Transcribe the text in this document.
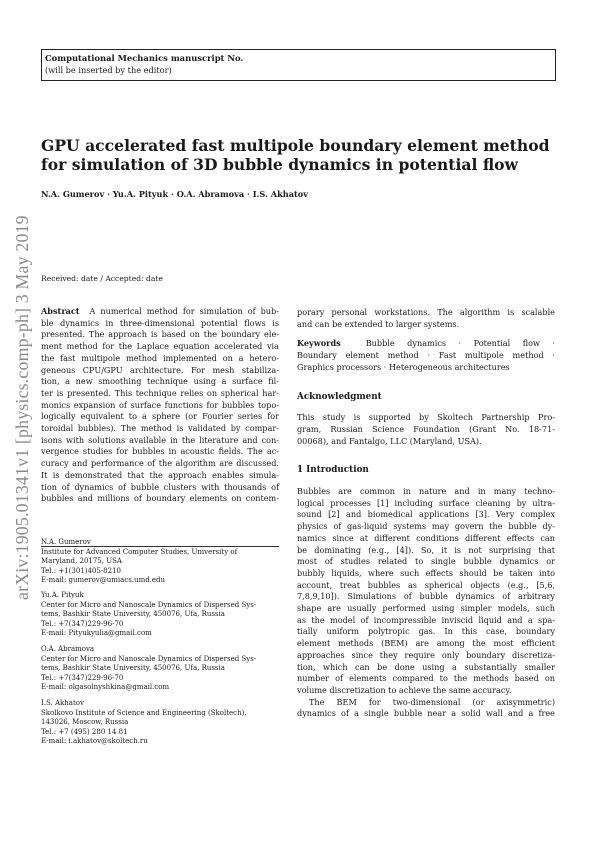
Computational Mechanics manuscript No.
(will be inserted by the editor)
GPU accelerated fast multipole boundary element method
for simulation of 3D bubble dynamics in potential flow
N.A. Gumerov · Yu.A. Pityuk · O.A. Abramova · I.S. Akhatov
Received: date / Accepted: date
arXiv:1905.01341v1 [physics.comp-ph] 3 May 2019 Abstract A numerical method for simulation of bub-
ble dynamics in three-dimensional potential flows is
presented. The approach is based on the boundary ele-
ment method for the Laplace equation accelerated via
the fast multipole method implemented on a hetero-
geneous CPU/GPU architecture. For mesh stabiliza-
tion, a new smoothing technique using a surface fil-
ter is presented. This technique relies on spherical har-
monics expansion of surface functions for bubbles topo-
logically equivalent to a sphere (or Fourier series for
toroidal bubbles). The method is validated by compar-
isons with solutions available in the literature and con-
vergence studies for bubbles in acoustic fields. The ac-
curacy and performance of the algorithm are discussed.
It is demonstrated that the approach enables simula-
tion of dynamics of bubble clusters with thousands of
bubbles and millions of boundary elements on contem-
N.A. Gumerov
Institute for Advanced Computer Studies, University of
Maryland, 20175, USA
Tel.: +1(301)405-8210
E-mail: gumerov@umiacs.umd.edu
Yu.A. Pityuk
Center for Micro and Nanoscale Dynamics of Dispersed Sys-
tems, Bashkir State University, 450076, Ufa, Russia
Tel.: +7(347)229-96-70
E-mail: Pityukyulia@gmail.com
O.A. Abramova
Center for Micro and Nanoscale Dynamics of Dispersed Sys-
tems, Bashkir State University, 450076, Ufa, Russia
Tel.: +7(347)229-96-70
E-mail: olgasolnyshkina@gmail.com
I.S. Akhatov
Skolkovo Institute of Science and Engineering (Skoltech),
143026, Moscow, Russia
Tel.: +7 (495) 280 14 81
E-mail: i.akhatov@skoltech.ru
porary personal workstations. The algorithm is scalable
and can be extended to larger systems.
Keywords	Bubble dynamics · Potential flow ·
Boundary element method · Fast multipole method ·
Graphics processors · Heterogeneous architectures
Acknowledgment
This study is supported by Skoltech Partnership Pro-
gram, Russian Science Foundation (Grant No. 18-71-
00068), and Fantalgo, LLC (Maryland, USA).
1 Introduction
Bubbles are common in nature and in many techno-
logical processes [1] including surface cleaning by ultra-
sound [2] and biomedical applications [3]. Very complex
physics of gas-liquid systems may govern the bubble dy-
namics since at different conditions different effects can
be dominating (e.g., [4]). So, it is not surprising that
most of studies related to single bubble dynamics or
bubbly liquids, where such effects should be taken into
account, treat bubbles as spherical objects (e.g., [5,6,
7,8,9,10]). Simulations of bubble dynamics of arbitrary
shape are usually performed using simpler models, such
as the model of incompressible inviscid liquid and a spa-
tially uniform polytropic gas. In this case, boundary
element methods (BEM) are among the most efficient
approaches since they require only boundary discretiza-
tion, which can be done using a substantially smaller
number of elements compared to the methods based on
volume discretization to achieve the same accuracy.
The BEM for two-dimensional (or axisymmetric)
dynamics of a single bubble near a solid wall and a free
